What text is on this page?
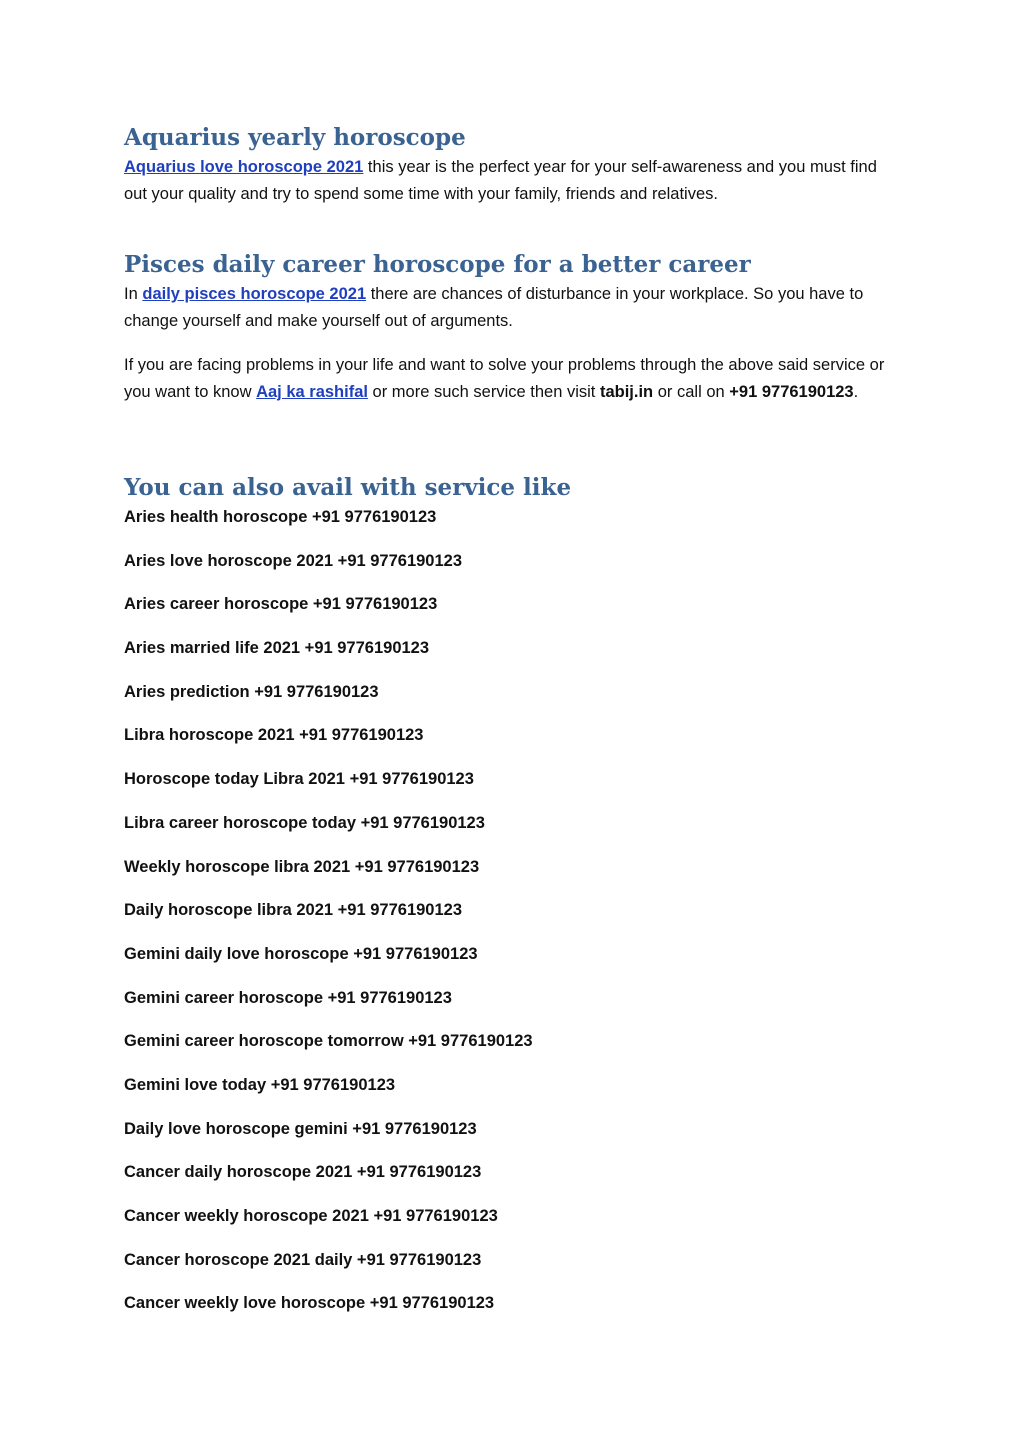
Aquarius yearly horoscope

Aquarius love horoscope 2021 this year is the perfect year for your self-awareness and you must find out your quality and try to spend some time with your family, friends and relatives.

Pisces daily career horoscope for a better career

In daily pisces horoscope 2021 there are chances of disturbance in your workplace. So you have to change yourself and make yourself out of arguments.

If you are facing problems in your life and want to solve your problems through the above said service or you want to know Aaj ka rashifal or more such service then visit tabij.in or call on +91 9776190123.

You can also avail with service like
Aries health horoscope +91 9776190123
Aries love horoscope 2021 +91 9776190123
Aries career horoscope +91 9776190123
Aries married life 2021 +91 9776190123
Aries prediction +91 9776190123
Libra horoscope 2021 +91 9776190123
Horoscope today Libra 2021 +91 9776190123
Libra career horoscope today +91 9776190123
Weekly horoscope libra 2021 +91 9776190123
Daily horoscope libra 2021 +91 9776190123
Gemini daily love horoscope +91 9776190123
Gemini career horoscope +91 9776190123
Gemini career horoscope tomorrow +91 9776190123
Gemini love today +91 9776190123
Daily love horoscope gemini +91 9776190123
Cancer daily horoscope 2021 +91 9776190123
Cancer weekly horoscope 2021 +91 9776190123
Cancer horoscope 2021 daily +91 9776190123
Cancer weekly love horoscope +91 9776190123
